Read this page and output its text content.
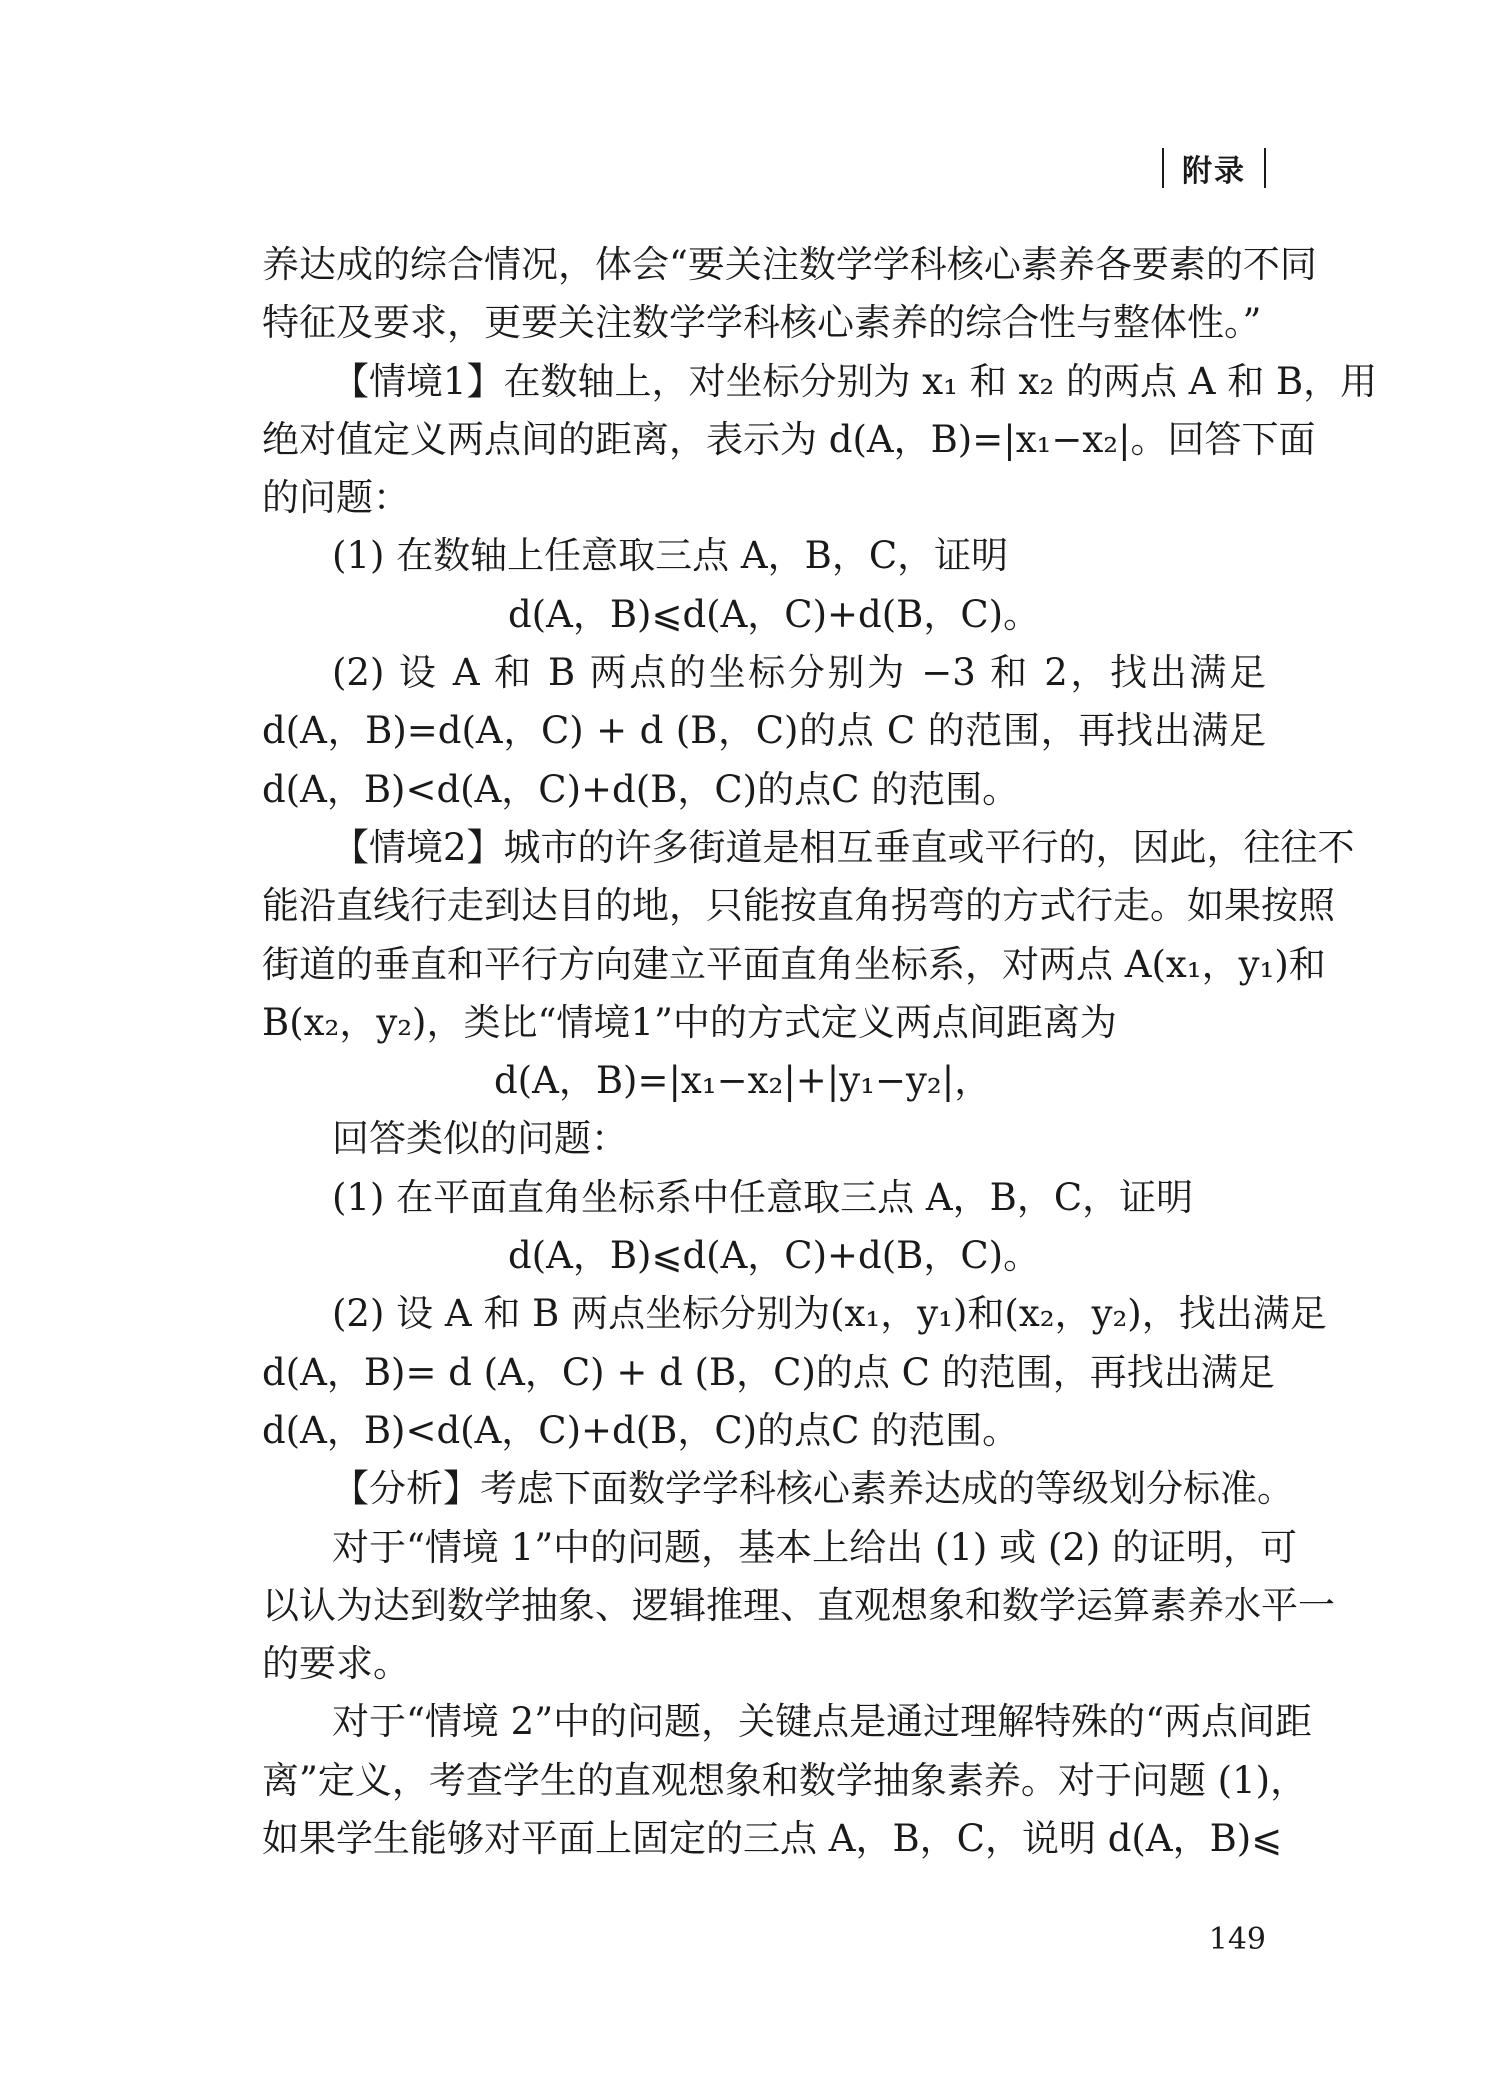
附录
养达成的综合情况，体会“要关注数学学科核心素养各要素的不同
特征及要求，更要关注数学学科核心素养的综合性与整体性。”
【情境1】在数轴上，对坐标分别为 x₁ 和 x₂ 的两点 A 和 B，用
绝对值定义两点间的距离，表示为 d(A，B)=|x₁−x₂|。回答下面
的问题：
(1) 在数轴上任意取三点 A，B，C，证明
d(A，B)⩽d(A，C)+d(B，C)。
(2) 设 A 和 B 两点的坐标分别为 −3 和 2，找出满足
d(A，B)=d(A，C) + d (B，C)的点 C 的范围，再找出满足
d(A，B)<d(A，C)+d(B，C)的点C 的范围。
【情境2】城市的许多街道是相互垂直或平行的，因此，往往不
能沿直线行走到达目的地，只能按直角拐弯的方式行走。如果按照
街道的垂直和平行方向建立平面直角坐标系，对两点 A(x₁，y₁)和
B(x₂，y₂)，类比“情境1”中的方式定义两点间距离为
d(A，B)=|x₁−x₂|+|y₁−y₂|，
回答类似的问题：
(1) 在平面直角坐标系中任意取三点 A，B，C，证明
d(A，B)⩽d(A，C)+d(B，C)。
(2) 设 A 和 B 两点坐标分别为(x₁，y₁)和(x₂，y₂)，找出满足
d(A，B)= d (A，C) + d (B，C)的点 C 的范围，再找出满足
d(A，B)<d(A，C)+d(B，C)的点C 的范围。
【分析】考虑下面数学学科核心素养达成的等级划分标准。
对于“情境 1”中的问题，基本上给出 (1) 或 (2) 的证明，可
以认为达到数学抽象、逻辑推理、直观想象和数学运算素养水平一
的要求。
对于“情境 2”中的问题，关键点是通过理解特殊的“两点间距
离”定义，考查学生的直观想象和数学抽象素养。对于问题 (1)，
如果学生能够对平面上固定的三点 A，B，C，说明 d(A，B)⩽
149
